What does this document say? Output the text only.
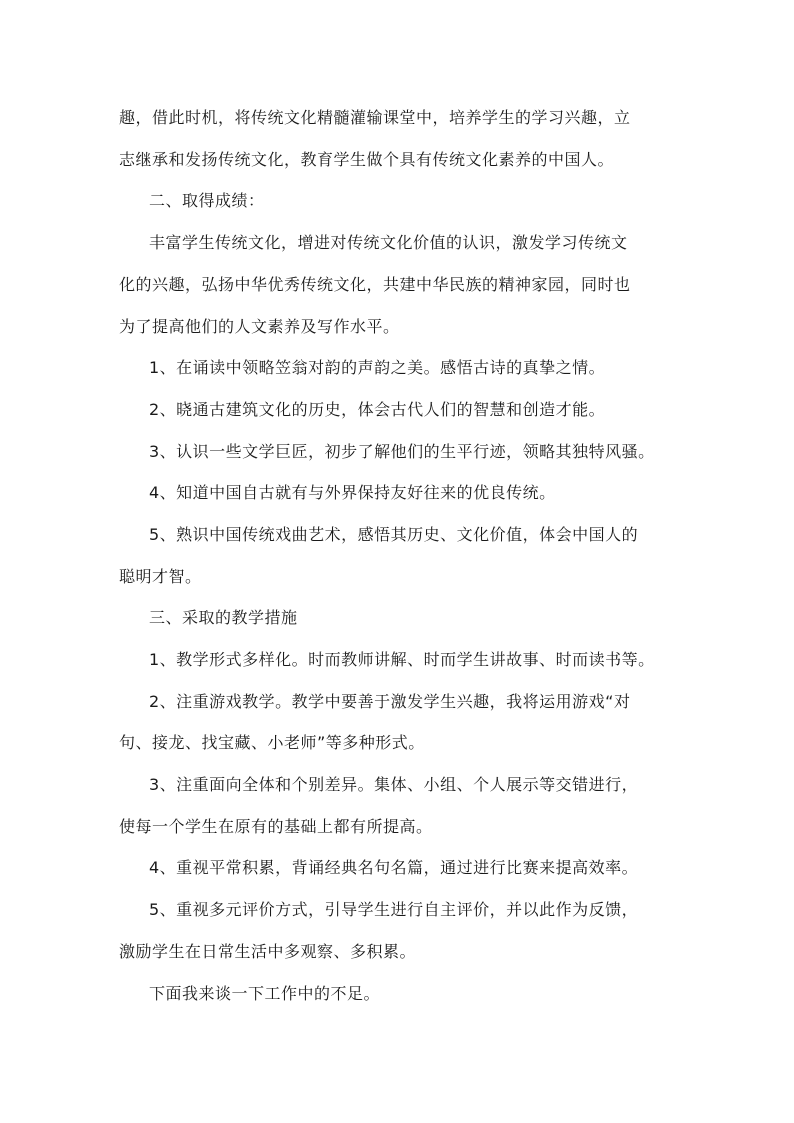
趣，借此时机，将传统文化精髓灌输课堂中，培养学生的学习兴趣，立
志继承和发扬传统文化，教育学生做个具有传统文化素养的中国人。
二、取得成绩：
丰富学生传统文化，增进对传统文化价值的认识，激发学习传统文
化的兴趣，弘扬中华优秀传统文化，共建中华民族的精神家园，同时也
为了提高他们的人文素养及写作水平。
1、在诵读中领略笠翁对韵的声韵之美。感悟古诗的真挚之情。
2、晓通古建筑文化的历史，体会古代人们的智慧和创造才能。
3、认识一些文学巨匠，初步了解他们的生平行迹，领略其独特风骚。
4、知道中国自古就有与外界保持友好往来的优良传统。
5、熟识中国传统戏曲艺术，感悟其历史、文化价值，体会中国人的
聪明才智。
三、采取的教学措施
1、教学形式多样化。时而教师讲解、时而学生讲故事、时而读书等。
2、注重游戏教学。教学中要善于激发学生兴趣，我将运用游戏“对
句、接龙、找宝藏、小老师”等多种形式。
3、注重面向全体和个别差异。集体、小组、个人展示等交错进行，
使每一个学生在原有的基础上都有所提高。
4、重视平常积累，背诵经典名句名篇，通过进行比赛来提高效率。
5、重视多元评价方式，引导学生进行自主评价，并以此作为反馈，
激励学生在日常生活中多观察、多积累。
下面我来谈一下工作中的不足。
